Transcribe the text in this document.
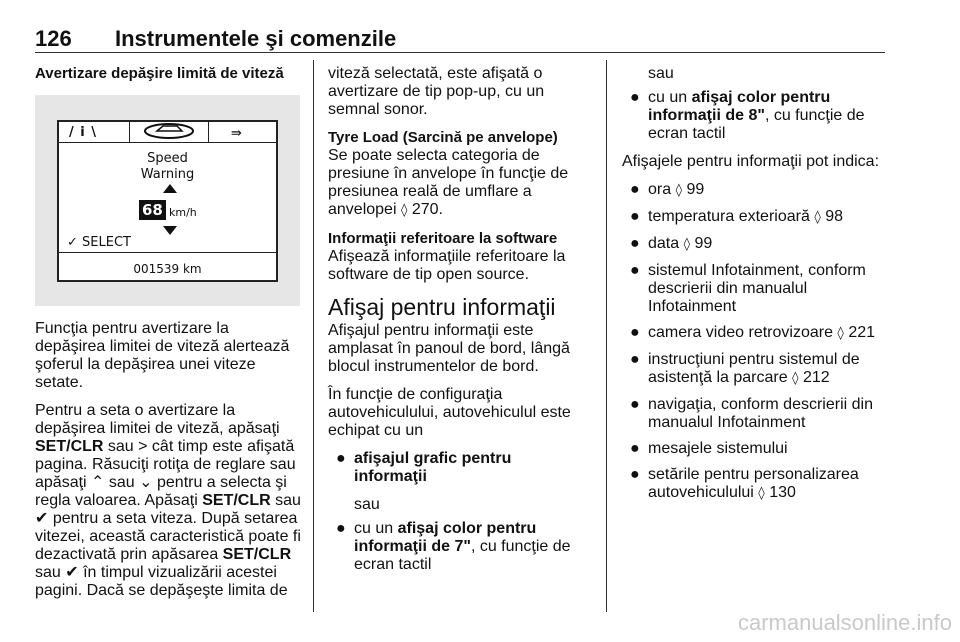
126 Instrumentele şi comenzile
Avertizare depăşire limită de viteză
/ i \	⇛
Speed
Warning
68 km/h
✓ SELECT
001539 km

Funcţia pentru avertizare la depăşirea limitei de viteză alertează şoferul la depăşirea unei viteze setate.

Pentru a seta o avertizare la depăşirea limitei de viteză, apăsaţi SET/CLR sau > cât timp este afişată pagina. Răsuciţi rotiţa de reglare sau apăsaţi ⌃ sau ⌄ pentru a selecta şi regla valoarea. Apăsaţi SET/CLR sau ✔ pentru a seta viteza. După setarea vitezei, această caracteristică poate fi dezactivată prin apăsarea SET/CLR sau ✔ în timpul vizualizării acestei pagini. Dacă se depăşeşte limita de

viteză selectată, este afişată o avertizare de tip pop-up, cu un semnal sonor.

Tyre Load (Sarcină pe anvelope)

Se poate selecta categoria de presiune în anvelope în funcţie de presiunea reală de umflare a anvelopei ◊ 270.

Informaţii referitoare la software

Afişează informaţiile referitoare la software de tip open source.

Afişaj pentru informaţii

Afişajul pentru informaţii este amplasat în panoul de bord, lângă blocul instrumentelor de bord.

În funcţie de configuraţia autovehiculului, autovehiculul este echipat cu un

● afişajul grafic pentru informaţii
sau
● cu un afişaj color pentru informaţii de 7", cu funcţie de ecran tactil
sau
● cu un afişaj color pentru informaţii de 8", cu funcţie de ecran tactil

Afişajele pentru informaţii pot indica:

● ora ◊ 99
● temperatura exterioară ◊ 98
● data ◊ 99
● sistemul Infotainment, conform descrierii din manualul Infotainment
● camera video retrovizoare ◊ 221
● instrucţiuni pentru sistemul de asistenţă la parcare ◊ 212
● navigaţia, conform descrierii din manualul Infotainment
● mesajele sistemului
● setările pentru personalizarea autovehiculului ◊ 130
carmanualsonline.info
